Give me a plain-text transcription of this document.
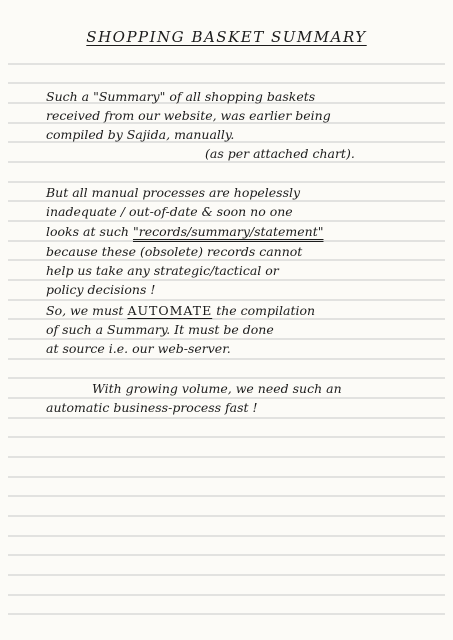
SHOPPING BASKET SUMMARY
Such a "Summary" of all shopping baskets
received from our website, was earlier being
compiled by Sajida, manually.
(as per attached chart).
But all manual processes are hopelessly
inadequate / out-of-date & soon no one
looks at such "records/summary/statement"
because these (obsolete) records cannot
help us take any strategic/tactical or
policy decisions !
So, we must AUTOMATE the compilation
of such a Summary. It must be done
at source i.e. our web-server.
With growing volume, we need such an
automatic business-process fast !
